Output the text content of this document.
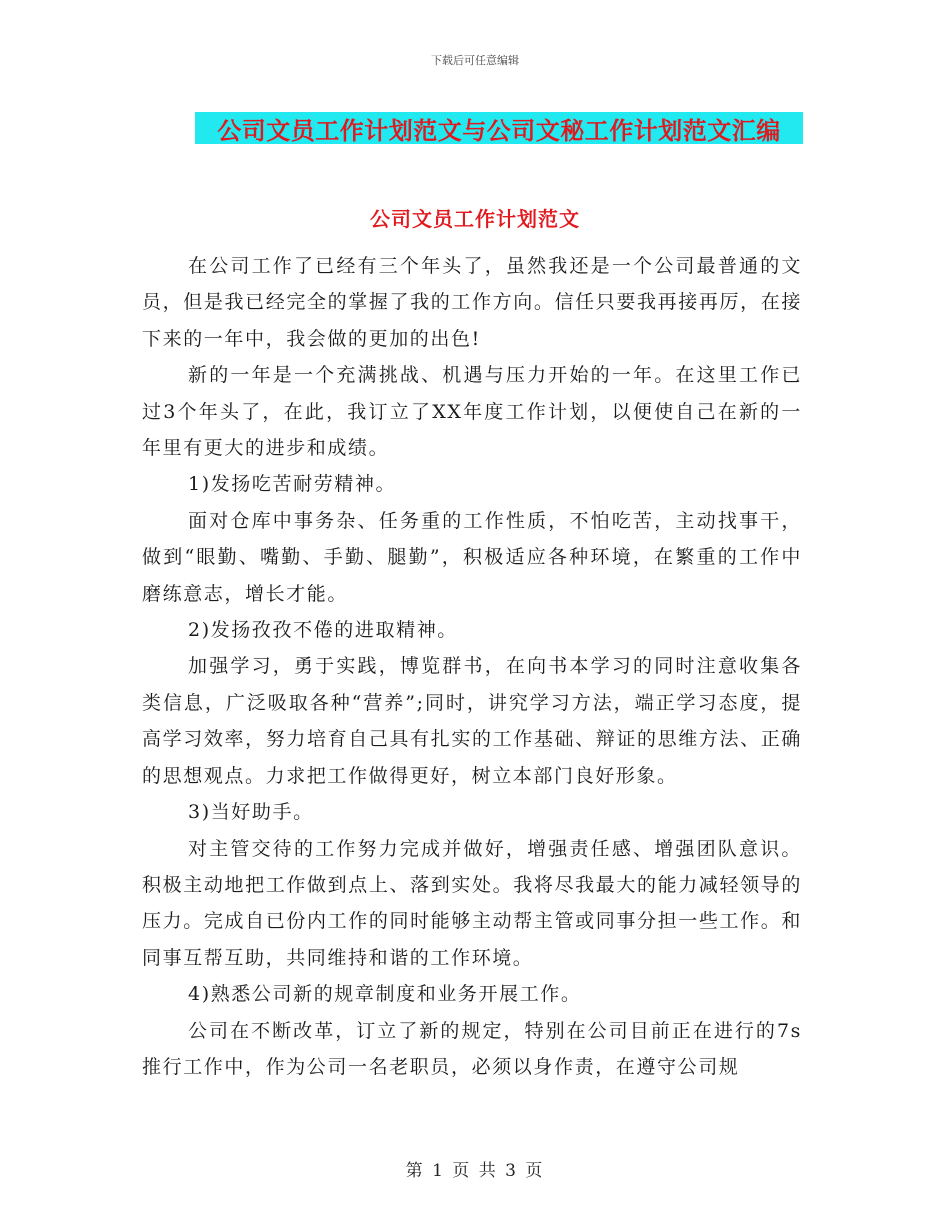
下载后可任意编辑
公司文员工作计划范文与公司文秘工作计划范文汇编
公司文员工作计划范文

在公司工作了已经有三个年头了，虽然我还是一个公司最普通的文员，但是我已经完全的掌握了我的工作方向。信任只要我再接再厉，在接下来的一年中，我会做的更加的出色!

新的一年是一个充满挑战、机遇与压力开始的一年。在这里工作已过3个年头了，在此，我订立了XX年度工作计划，以便使自己在新的一年里有更大的进步和成绩。

1)发扬吃苦耐劳精神。

面对仓库中事务杂、任务重的工作性质，不怕吃苦，主动找事干，做到“眼勤、嘴勤、手勤、腿勤”，积极适应各种环境，在繁重的工作中磨练意志，增长才能。

2)发扬孜孜不倦的进取精神。

加强学习，勇于实践，博览群书，在向书本学习的同时注意收集各类信息，广泛吸取各种“营养”;同时，讲究学习方法，端正学习态度，提高学习效率，努力培育自己具有扎实的工作基础、辩证的思维方法、正确的思想观点。力求把工作做得更好，树立本部门良好形象。

3)当好助手。

对主管交待的工作努力完成并做好，增强责任感、增强团队意识。积极主动地把工作做到点上、落到实处。我将尽我最大的能力减轻领导的压力。完成自已份内工作的同时能够主动帮主管或同事分担一些工作。和同事互帮互助，共同维持和谐的工作环境。

4)熟悉公司新的规章制度和业务开展工作。

公司在不断改革，订立了新的规定，特别在公司目前正在进行的7s推行工作中，作为公司一名老职员，必须以身作责，在遵守公司规

第 1 页 共 3 页
